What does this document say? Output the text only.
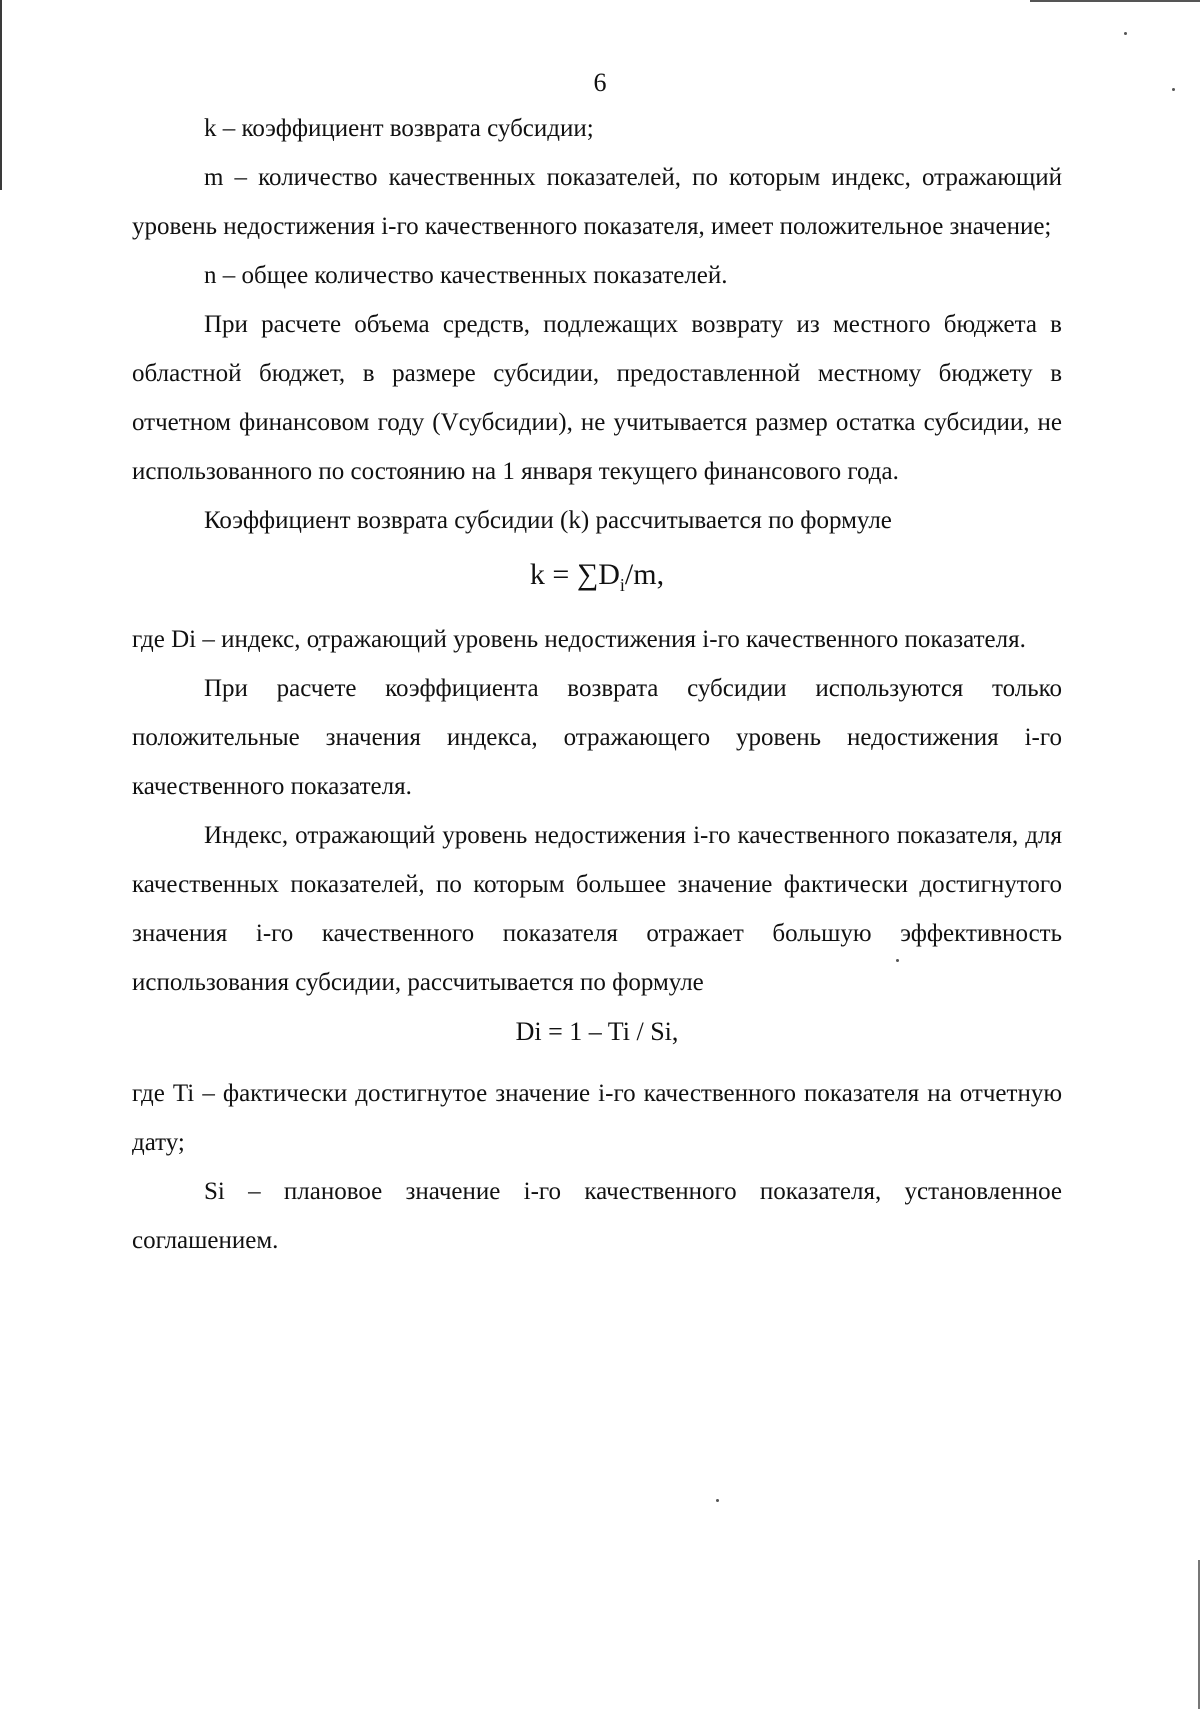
6

k – коэффициент возврата субсидии;

m – количество качественных показателей, по которым индекс, отражающий уровень недостижения i-го качественного показателя, имеет положительное значение;

n – общее количество качественных показателей.

При расчете объема средств, подлежащих возврату из местного бюджета в областной бюджет, в размере субсидии, предоставленной местному бюджету в отчетном финансовом году (Vсубсидии), не учитывается размер остатка субсидии, не использованного по состоянию на 1 января текущего финансового года.

Коэффициент возврата субсидии (k) рассчитывается по формуле

$k = \sum D_i/m$,

где Di – индекс, отражающий уровень недостижения i-го качественного показателя.

При расчете коэффициента возврата субсидии используются только положительные значения индекса, отражающего уровень недостижения i-го качественного показателя.

Индекс, отражающий уровень недостижения i-го качественного показателя, для качественных показателей, по которым большее значение фактически достигнутого значения i-го качественного показателя отражает большую эффективность использования субсидии, рассчитывается по формуле

Di = 1 – Ti / Si,

где Ti – фактически достигнутое значение i-го качественного показателя на отчетную дату;

Si – плановое значение i-го качественного показателя, установленное соглашением.
